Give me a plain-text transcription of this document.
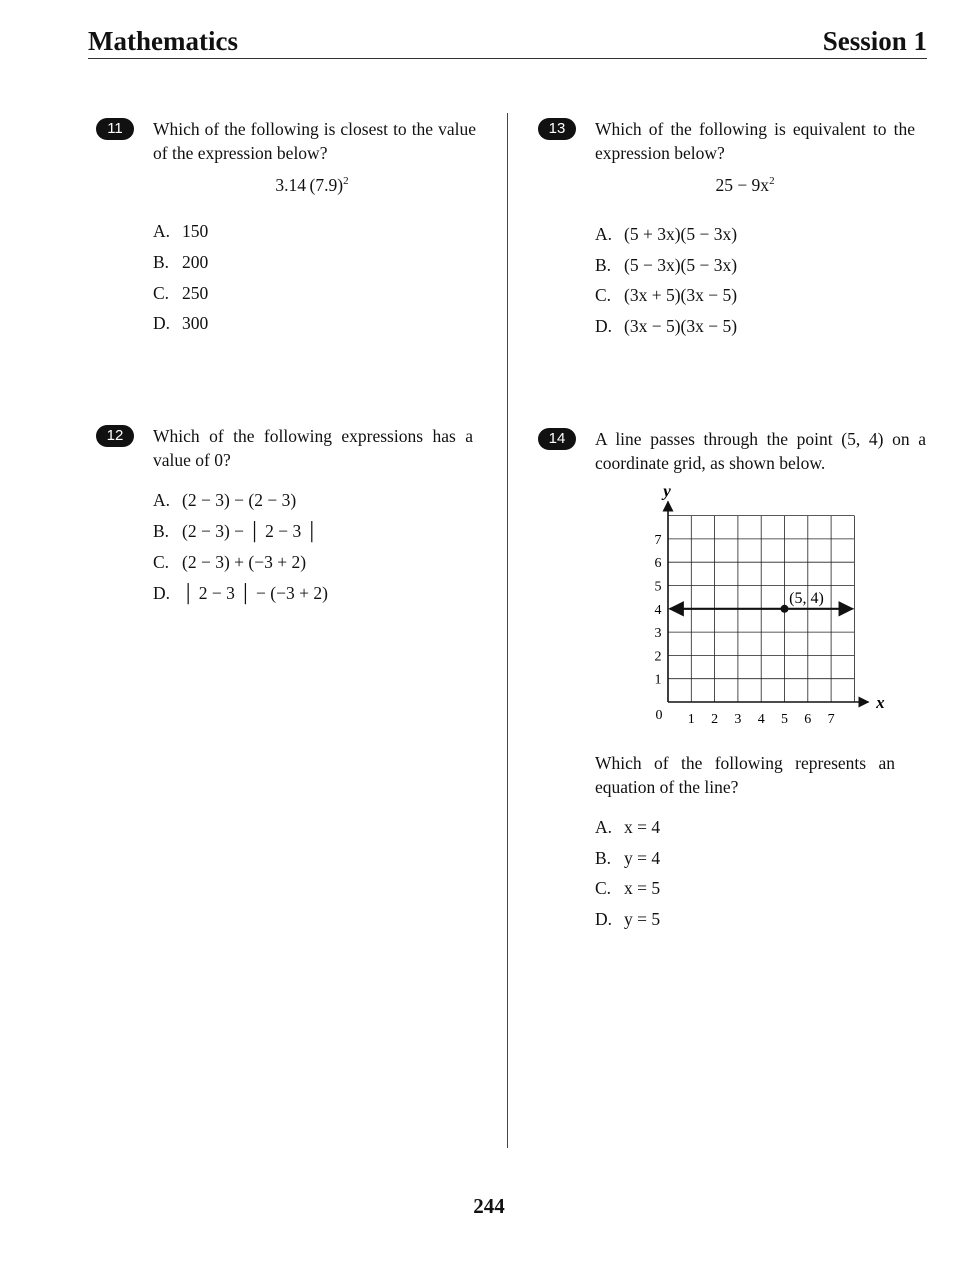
Mathematics	Session 1
11	Which of the following is closest to the value of the expression below?
3.14 $(7.9)^2$
A. 150
B. 200
C. 250
D. 300
12	Which of the following expressions has a value of 0?
A. (2 − 3) − (2 − 3)
B. (2 − 3) − │ 2 − 3 │
C. (2 − 3) + (−3 + 2)
D. │ 2 − 3 │ − (−3 + 2)
13	Which of the following is equivalent to the expression below?
$25 - 9x^2$
A. (5 + 3x)(5 − 3x)
B. (5 − 3x)(5 − 3x)
C. (3x + 5)(3x − 5)
D. (3x − 5)(3x − 5)
14	A line passes through the point (5, 4) on a coordinate grid, as shown below.
1 2 3 4 5 6 7
1
2
3
4
5
6
7
0
x
y
(5, 4)
Which of the following represents an equation of the line?
A. x = 4
B. y = 4
C. x = 5
D. y = 5
244
